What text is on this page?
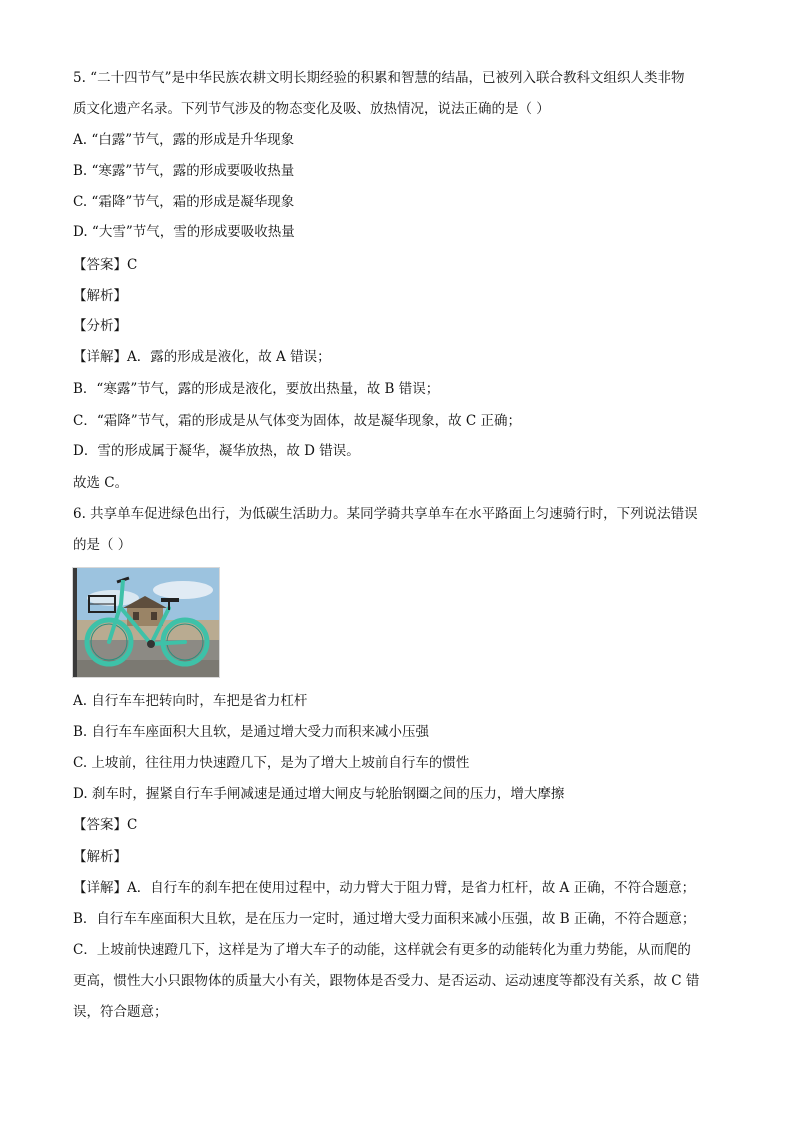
5. “二十四节气”是中华民族农耕文明长期经验的积累和智慧的结晶，已被列入联合教科文组织人类非物
质文化遗产名录。下列节气涉及的物态变化及吸、放热情况，说法正确的是（ ）
A. “白露”节气，露的形成是升华现象
B. “寒露”节气，露的形成要吸收热量
C. “霜降”节气，霜的形成是凝华现象
D. “大雪”节气，雪的形成要吸收热量
【答案】C
【解析】
【分析】
【详解】A．露的形成是液化，故 A 错误；
B．“寒露”节气，露的形成是液化，要放出热量，故 B 错误；
C．“霜降”节气，霜的形成是从气体变为固体，故是凝华现象，故 C 正确；
D．雪的形成属于凝华，凝华放热，故 D 错误。
故选 C。
6. 共享单车促进绿色出行，为低碳生活助力。某同学骑共享单车在水平路面上匀速骑行时，下列说法错误
的是（ ）
A. 自行车车把转向时，车把是省力杠杆
B. 自行车车座面积大且软，是通过增大受力而积来减小压强
C. 上坡前，往往用力快速蹬几下，是为了增大上坡前自行车的惯性
D. 刹车时，握紧自行车手闸减速是通过增大闸皮与轮胎钢圈之间的压力，增大摩擦
【答案】C
【解析】
【详解】A．自行车的刹车把在使用过程中，动力臂大于阻力臂，是省力杠杆，故 A 正确，不符合题意；
B．自行车车座面积大且软，是在压力一定时，通过增大受力面积来减小压强，故 B 正确，不符合题意；
C．上坡前快速蹬几下，这样是为了增大车子的动能，这样就会有更多的动能转化为重力势能，从而爬的
更高，惯性大小只跟物体的质量大小有关，跟物体是否受力、是否运动、运动速度等都没有关系，故 C 错
误，符合题意；
